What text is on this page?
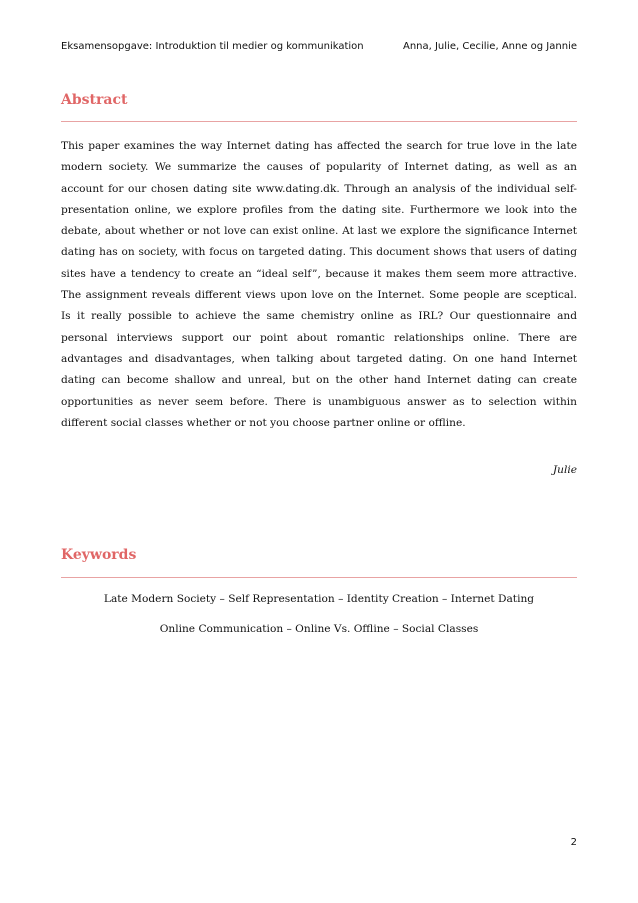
Eksamensopgave: Introduktion til medier og kommunikation	Anna, Julie, Cecilie, Anne og Jannie
Abstract
This paper examines the way Internet dating has affected the search for true love in the late
modern society. We summarize the causes of popularity of Internet dating, as well as an
account for our chosen dating site www.dating.dk. Through an analysis of the individual self-
presentation online, we explore profiles from the dating site. Furthermore we look into the
debate, about whether or not love can exist online. At last we explore the significance Internet
dating has on society, with focus on targeted dating. This document shows that users of dating
sites have a tendency to create an “ideal self”, because it makes them seem more attractive.
The assignment reveals different views upon love on the Internet. Some people are sceptical.
Is it really possible to achieve the same chemistry online as IRL? Our questionnaire and
personal interviews support our point about romantic relationships online. There are
advantages and disadvantages, when talking about targeted dating. On one hand Internet
dating can become shallow and unreal, but on the other hand Internet dating can create
opportunities as never seem before. There is unambiguous answer as to selection within
different social classes whether or not you choose partner online or offline.
Julie
Keywords
Late Modern Society – Self Representation – Identity Creation – Internet Dating
Online Communication – Online Vs. Offline – Social Classes
2
